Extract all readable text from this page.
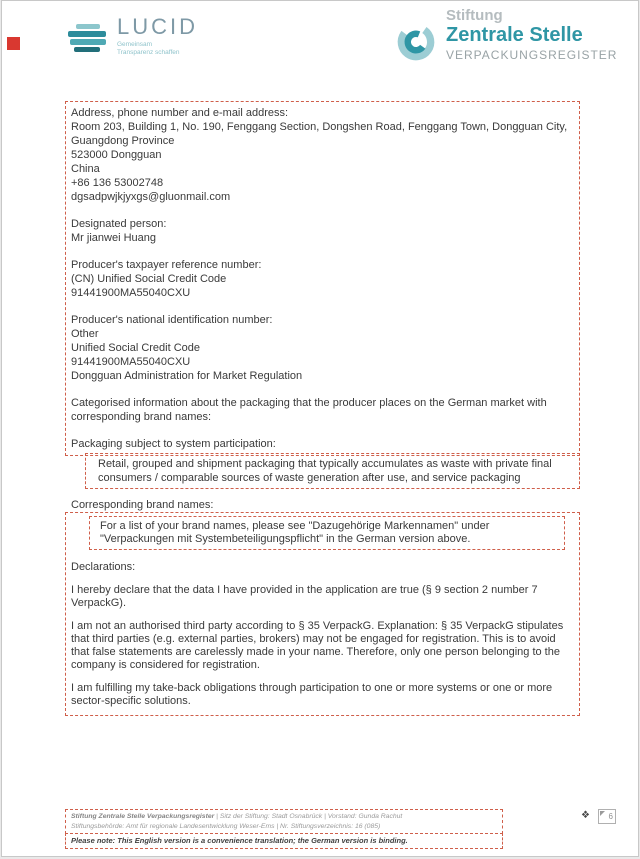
LUCID
Gemeinsam
Transparenz schaffen
Stiftung
Zentrale Stelle
VERPACKUNGSREGISTER

Address, phone number and e-mail address:
Room 203, Building 1, No. 190, Fenggang Section, Dongshen Road, Fenggang Town, Dongguan City, Guangdong Province
523000 Dongguan
China
+86 136 53002748
dgsadpwjkjyxgs@gluonmail.com

Designated person:
Mr jianwei Huang

Producer's taxpayer reference number:
(CN) Unified Social Credit Code
91441900MA55040CXU

Producer's national identification number:
Other
Unified Social Credit Code
91441900MA55040CXU
Dongguan Administration for Market Regulation

Categorised information about the packaging that the producer places on the German market with corresponding brand names:

Packaging subject to system participation:

Retail, grouped and shipment packaging that typically accumulates as waste with private final consumers / comparable sources of waste generation after use, and service packaging
Corresponding brand names:
For a list of your brand names, please see "Dazugehörige Markennamen" under "Verpackungen mit Systembeteiligungspflicht" in the German version above.

Declarations:

I hereby declare that the data I have provided in the application are true (§ 9 section 2 number 7 VerpackG).

I am not an authorised third party according to § 35 VerpackG. Explanation: § 35 VerpackG stipulates that third parties (e.g. external parties, brokers) may not be engaged for registration. This is to avoid that false statements are carelessly made in your name. Therefore, only one person belonging to the company is considered for registration.

I am fulfilling my take-back obligations through participation to one or more systems or one or more sector-specific solutions.

Stiftung Zentrale Stelle Verpackungsregister | Sitz der Stiftung: Stadt Osnabrück | Vorstand: Gunda Rachut
Stiftungsbehörde: Amt für regionale Landesentwicklung Weser-Ems | Nr. Stiftungsverzeichnis: 16 (085)
❖ 6
Please note: This English version is a convenience translation; the German version is binding.
